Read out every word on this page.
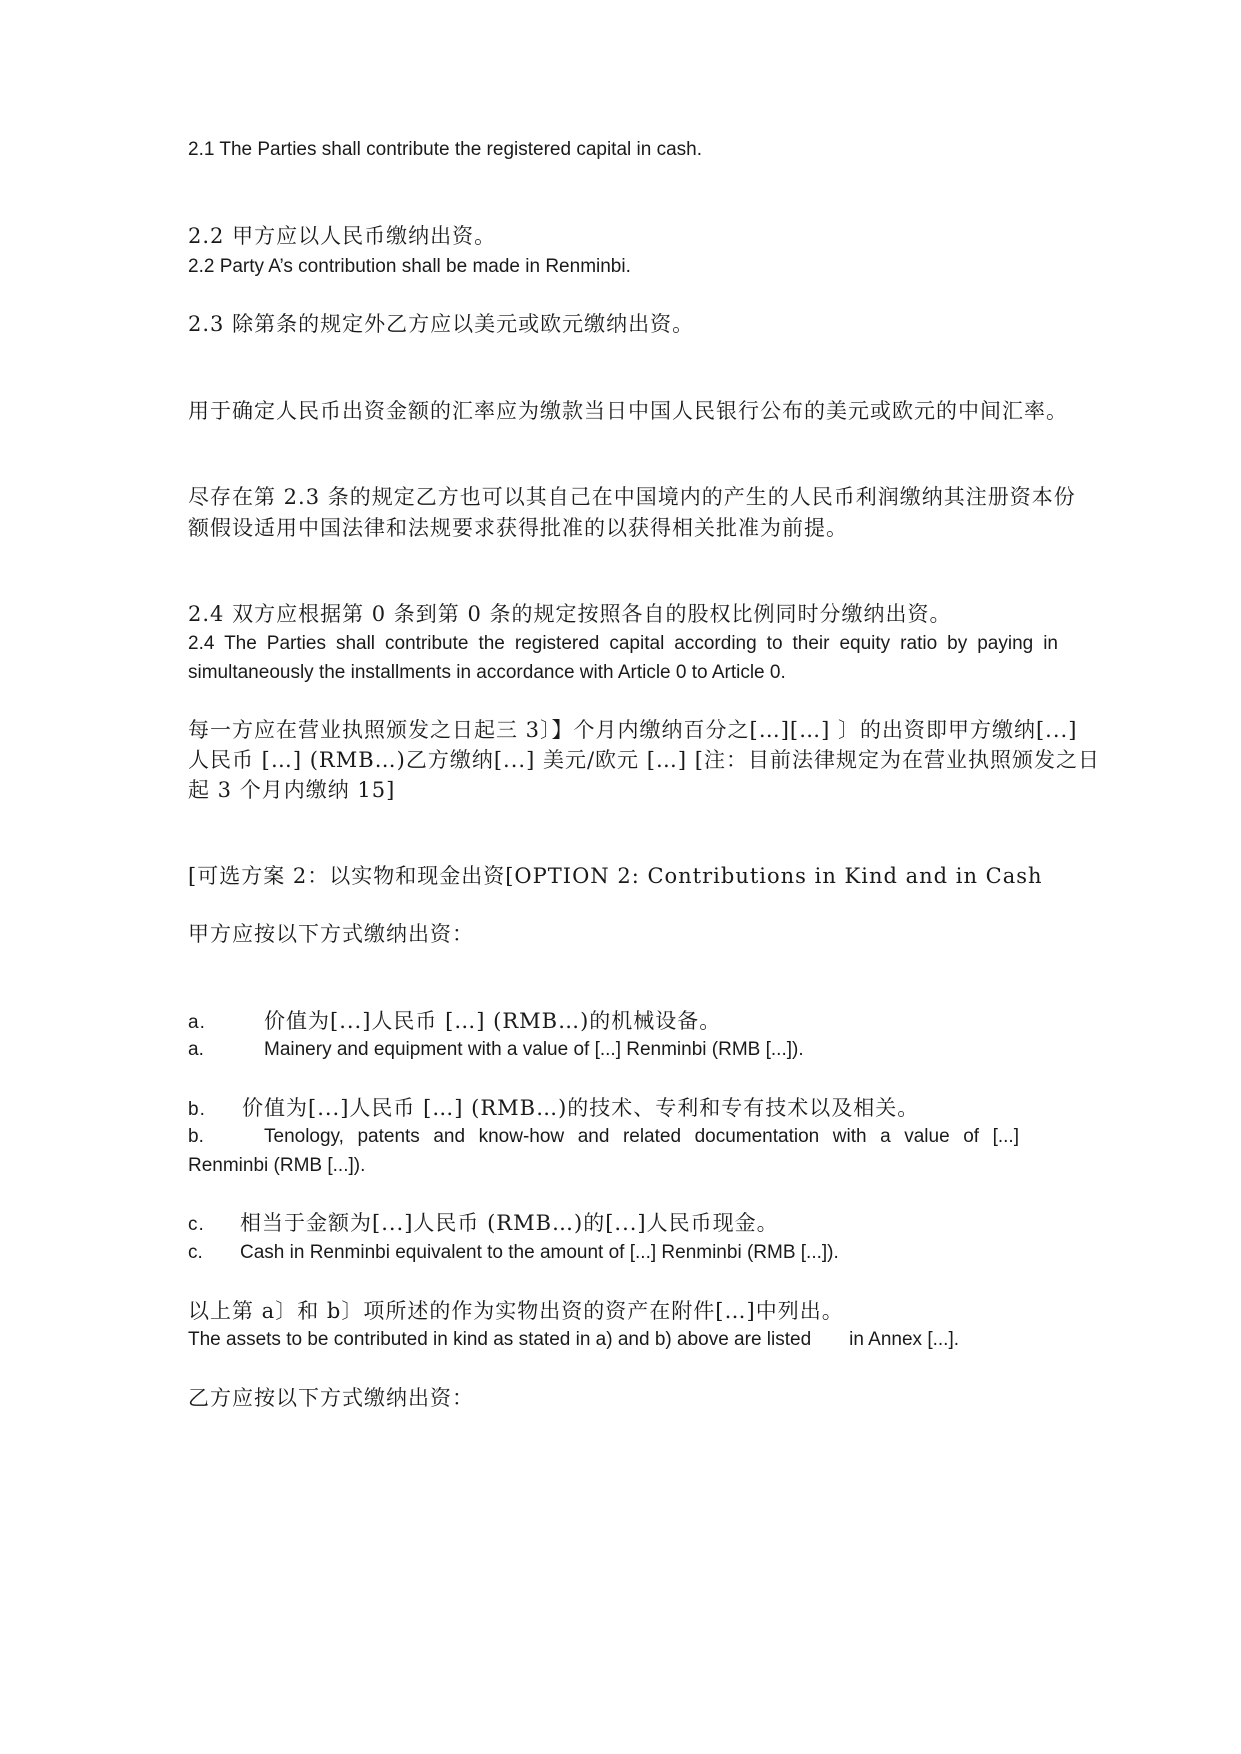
2.1 The Parties shall contribute the registered capital in cash.
2.2 甲方应以人民币缴纳出资。
2.2 Party A’s contribution shall be made in Renminbi.
2.3 除第条的规定外乙方应以美元或欧元缴纳出资。
用于确定人民币出资金额的汇率应为缴款当日中国人民银行公布的美元或欧元的中间汇率。
尽存在第 2.3 条的规定乙方也可以其自己在中国境内的产生的人民币利润缴纳其注册资本份
额假设适用中国法律和法规要求获得批准的以获得相关批准为前提。
2.4 双方应根据第 0 条到第 0 条的规定按照各自的股权比例同时分缴纳出资。
2.4 The Parties shall contribute the registered capital according to their equity ratio by paying in
simultaneously the installments in accordance with Article 0 to Article 0.
每一方应在营业执照颁发之日起三 3〕】个月内缴纳百分之[…][…] 〕的出资即甲方缴纳[...]
人民币 […] (RMB…)乙方缴纳[...] 美元/欧元 […] [注：目前法律规定为在营业执照颁发之日
起 3 个月内缴纳 15]
[可选方案 2：以实物和现金出资[OPTION 2: Contributions in Kind and in Cash
甲方应按以下方式缴纳出资：
a.	价值为[...]人民币 […] (RMB…)的机械设备。
a.	Mainery and equipment with a value of [...] Renminbi (RMB [...]).
b. 价值为[...]人民币 […] (RMB…)的技术、专利和专有技术以及相关。
b.	Tenology, patents and know-how and related documentation with a value of [...]
Renminbi (RMB [...]).
c. 相当于金额为[...]人民币 (RMB…)的[...]人民币现金。
c. Cash in Renminbi equivalent to the amount of [...] Renminbi (RMB [...]).
以上第 a〕和 b〕项所述的作为实物出资的资产在附件[…]中列出。
The assets to be contributed in kind as stated in a) and b) above are listed in Annex [...].
乙方应按以下方式缴纳出资：
